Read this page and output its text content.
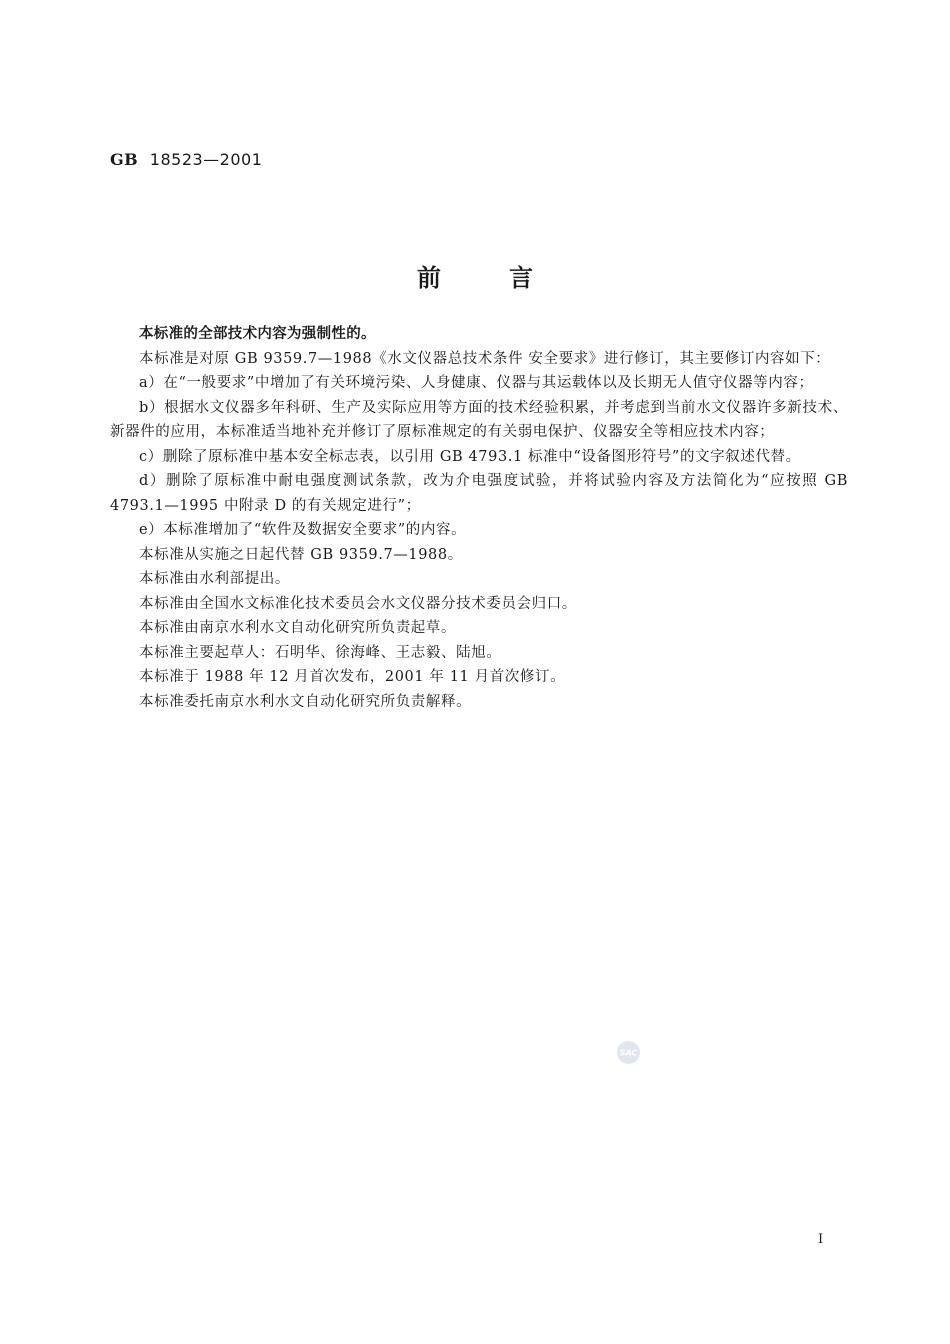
GB 18523—2001
前	言

本标准的全部技术内容为强制性的。

本标准是对原 GB 9359.7—1988《水文仪器总技术条件 安全要求》进行修订，其主要修订内容如下：

a）在“一般要求”中增加了有关环境污染、人身健康、仪器与其运载体以及长期无人值守仪器等内容；

b）根据水文仪器多年科研、生产及实际应用等方面的技术经验积累，并考虑到当前水文仪器许多新技术、新器件的应用，本标准适当地补充并修订了原标准规定的有关弱电保护、仪器安全等相应技术内容；

c）删除了原标准中基本安全标志表，以引用 GB 4793.1 标准中“设备图形符号”的文字叙述代替。

d）删除了原标准中耐电强度测试条款，改为介电强度试验，并将试验内容及方法简化为“应按照 GB 4793.1—1995 中附录 D 的有关规定进行”；

e）本标准增加了“软件及数据安全要求”的内容。

本标准从实施之日起代替 GB 9359.7—1988。

本标准由水利部提出。

本标准由全国水文标准化技术委员会水文仪器分技术委员会归口。

本标准由南京水利水文自动化研究所负责起草。

本标准主要起草人：石明华、徐海峰、王志毅、陆旭。

本标准于 1988 年 12 月首次发布，2001 年 11 月首次修订。

本标准委托南京水利水文自动化研究所负责解释。

SAC
I
